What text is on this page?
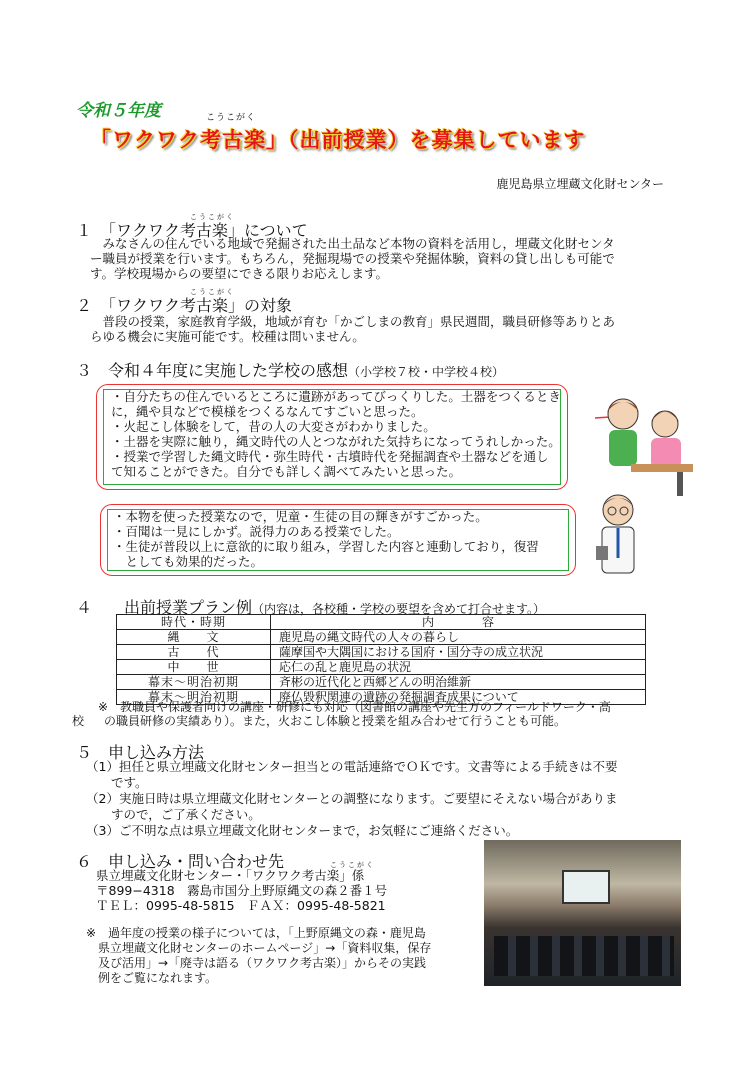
令和５年度	こうこがく
「ワクワク考古楽」（出前授業）を募集しています
鹿児島県立埋蔵文化財センター
こうこがく
１　「ワクワク考古楽」について
　みなさんの住んでいる地域で発掘された出土品など本物の資料を活用し，埋蔵文化財センタ
ー職員が授業を行います。もちろん，発掘現場での授業や発掘体験，資料の貸し出しも可能で
す。学校現場からの要望にできる限りお応えします。
こうこがく
２　「ワクワク考古楽」の対象
　普段の授業，家庭教育学級，地域が育む「かごしまの教育」県民週間，職員研修等ありとあ
らゆる機会に実施可能です。校種は問いません。
３　令和４年度に実施した学校の感想（小学校７校・中学校４校）
・自分たちの住んでいるところに遺跡があってびっくりした。土器をつくるとき
に，縄や貝などで模様をつくるなんてすごいと思った。
・火起こし体験をして，昔の人の大変さがわかりました。
・土器を実際に触り，縄文時代の人とつながれた気持ちになってうれしかった。
・授業で学習した縄文時代・弥生時代・古墳時代を発掘調査や土器などを通し
て知ることができた。自分でも詳しく調べてみたいと思った。
・本物を使った授業なので，児童・生徒の目の輝きがすごかった。
・百聞は一見にしかず。説得力のある授業でした。
・生徒が普段以上に意欲的に取り組み，学習した内容と連動しており，復習
　としても効果的だった。
４　　出前授業プラン例（内容は，各校種・学校の要望を含めて打合せます。）
時代・時期	内　　　　容
縄　　文	鹿児島の縄文時代の人々の暮らし
古　　代	薩摩国や大隅国における国府・国分寺の成立状況
中　　世	応仁の乱と鹿児島の状況
幕末〜明治初期	斉彬の近代化と西郷どんの明治維新
幕末〜明治初期	廃仏毀釈関連の遺跡の発掘調査成果について
※　教職員や保護者向けの講座・研修にも対応（図書館の講座や先生方のフィールドワーク・高
校 の職員研修の実績あり）。また，火おこし体験と授業を組み合わせて行うことも可能。
５　申し込み方法
（1）担任と県立埋蔵文化財センター担当との電話連絡でＯＫです。文書等による手続きは不要
　　です。
（2）実施日時は県立埋蔵文化財センターとの調整になります。ご要望にそえない場合がありま
　　すので，ご了承ください。
（3）ご不明な点は県立埋蔵文化財センターまで，お気軽にご連絡ください。
６　申し込み・問い合わせ先	こうこがく
県立埋蔵文化財センター・「ワクワク考古楽」係
〒899−4318　霧島市国分上野原縄文の森２番１号
ＴＥＬ：0995-48-5815　ＦＡＸ：0995-48-5821
※　過年度の授業の様子については，「上野原縄文の森・鹿児島
県立埋蔵文化財センターのホームページ」→「資料収集，保存
及び活用」→「廃寺は語る（ワクワク考古楽）」からその実践
例をご覧になれます。
